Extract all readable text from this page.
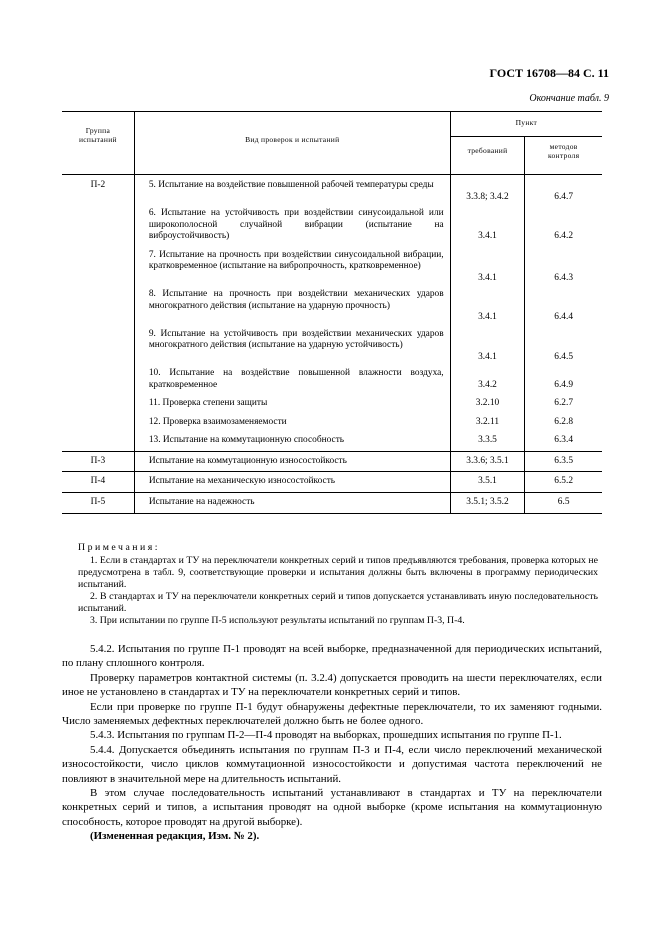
ГОСТ 16708—84 С. 11
Окончание табл. 9
Группа испытаний	Вид проверок и испытаний	Пункт	
		требований	методов контроля
П-2	5. Испытание на воздействие повышенной рабочей температуры среды	3.3.8; 3.4.2	6.4.7

	6. Испытание на устойчивость при воздействии синусоидальной или широкополосной случайной вибрации (испытание на виброустойчивость)	3.4.1	6.4.2

	7. Испытание на прочность при воздействии синусоидальной вибрации, кратковременное (испытание на вибропрочность, кратковременное)	3.4.1	6.4.3

	8. Испытание на прочность при воздействии механических ударов многократного действия (испытание на ударную прочность)	3.4.1	6.4.4

	9. Испытание на устойчивость при воздействии механических ударов многократного действия (испытание на ударную устойчивость)	3.4.1	6.4.5

	10. Испытание на воздействие повышенной влажности воздуха, кратковременное	3.4.2	6.4.9

	11. Проверка степени защиты	3.2.10	6.2.7

	12. Проверка взаимозаменяемости	3.2.11	6.2.8

	13. Испытание на коммутационную способность	3.3.5	6.3.4
П-3	Испытание на коммутационную износостойкость	3.3.6; 3.5.1	6.3.5
П-4	Испытание на механическую износостойкость	3.5.1	6.5.2
П-5	Испытание на надежность	3.5.1; 3.5.2	6.5

Примечания:

1. Если в стандартах и ТУ на переключатели конкретных серий и типов предъявляются требования, проверка которых не предусмотрена в табл. 9, соответствующие проверки и испытания должны быть включены в программу периодических испытаний.

2. В стандартах и ТУ на переключатели конкретных серий и типов допускается устанавливать иную последовательность испытаний.

3. При испытании по группе П-5 используют результаты испытаний по группам П-3, П-4.

5.4.2. Испытания по группе П-1 проводят на всей выборке, предназначенной для периодических испытаний, по плану сплошного контроля.

Проверку параметров контактной системы (п. 3.2.4) допускается проводить на шести переключателях, если иное не установлено в стандартах и ТУ на переключатели конкретных серий и типов.

Если при проверке по группе П-1 будут обнаружены дефектные переключатели, то их заменяют годными. Число заменяемых дефектных переключателей должно быть не более одного.

5.4.3. Испытания по группам П-2—П-4 проводят на выборках, прошедших испытания по группе П-1.

5.4.4. Допускается объединять испытания по группам П-3 и П-4, если число переключений механической износостойкости, число циклов коммутационной износостойкости и допустимая частота переключений не повлияют в значительной мере на длительность испытаний.

В этом случае последовательность испытаний устанавливают в стандартах и ТУ на переключатели конкретных серий и типов, а испытания проводят на одной выборке (кроме испытания на коммутационную способность, которое проводят на другой выборке).

(Измененная редакция, Изм. № 2).
